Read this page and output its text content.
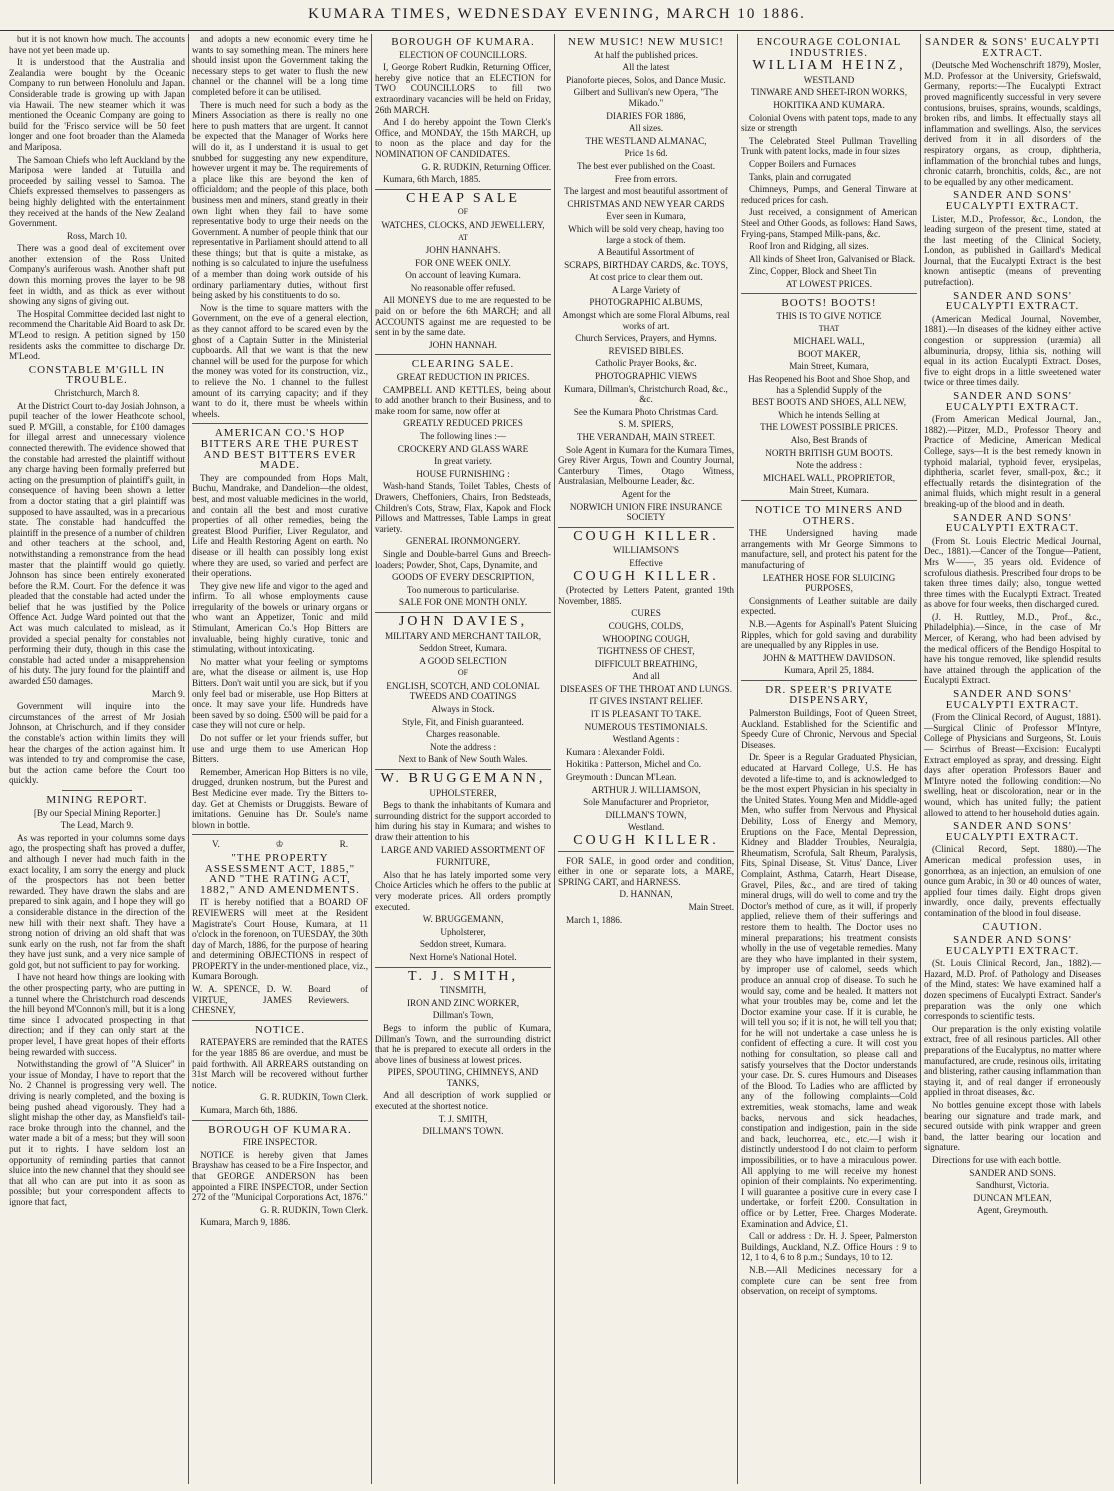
KUMARA TIMES, WEDNESDAY EVENING, MARCH 10 1886.

but it is not known how much. The accounts have not yet been made up.

It is understood that the Australia and Zealandia were bought by the Oceanic Company to run between Honolulu and Japan. Considerable trade is growing up with Japan via Hawaii. The new steamer which it was mentioned the Oceanic Company are going to build for the 'Frisco service will be 50 feet longer and one foot broader than the Alameda and Mariposa.

The Samoan Chiefs who left Auckland by the Mariposa were landed at Tutuilla and proceeded by sailing vessel to Samoa. The Chiefs expressed themselves to passengers as being highly delighted with the entertainment they received at the hands of the New Zealand Government.

Ross, March 10.

There was a good deal of excitement over another extension of the Ross United Company's auriferous wash. Another shaft put down this morning proves the layer to be 98 feet in width, and as thick as ever without showing any signs of giving out.

The Hospital Committee decided last night to recommend the Charitable Aid Board to ask Dr. M'Leod to resign. A petition signed by 150 residents asks the committee to discharge Dr. M'Leod.

CONSTABLE M'GILL IN TROUBLE.

Christchurch, March 8.

At the District Court to-day Josiah Johnson, a pupil teacher of the lower Heathcote school, sued P. M'Gill, a constable, for £100 damages for illegal arrest and unnecessary violence connected therewith. The evidence showed that the constable had arrested the plaintiff without any charge having been formally preferred but acting on the presumption of plaintiff's guilt, in consequence of having been shown a letter from a doctor stating that a girl plaintiff was supposed to have assaulted, was in a precarious state. The constable had handcuffed the plaintiff in the presence of a number of children and other teachers at the school, and, notwithstanding a remonstrance from the head master that the plaintiff would go quietly. Johnson has since been entirely exonerated before the R.M. Court. For the defence it was pleaded that the constable had acted under the belief that he was justified by the Police Offence Act. Judge Ward pointed out that the Act was much calculated to mislead, as it provided a special penalty for constables not performing their duty, though in this case the constable had acted under a misapprehension of his duty. The jury found for the plaintiff and awarded £50 damages.

March 9.

Government will inquire into the circumstances of the arrest of Mr Josiah Johnson, at Chrischurch, and if they consider the constable's action within limits they will hear the charges of the action against him. It was intended to try and compromise the case, but the action came before the Court too quickly.

MINING REPORT.

[By our Special Mining Reporter.]

The Lead, March 9.

As was reported in your columns some days ago, the prospecting shaft has proved a duffer, and although I never had much faith in the exact locality, I am sorry the energy and pluck of the prospectors has not been better rewarded. They have drawn the slabs and are prepared to sink again, and I hope they will go a considerable distance in the direction of the new hill with their next shaft. They have a strong notion of driving an old shaft that was sunk early on the rush, not far from the shaft they have just sunk, and a very nice sample of gold got, but not sufficient to pay for working.

I have not heard how things are looking with the other prospecting party, who are putting in a tunnel where the Christchurch road descends the hill beyond M'Connon's mill, but it is a long time since I advocated prospecting in that direction; and if they can only start at the proper level, I have great hopes of their efforts being rewarded with success.

Notwithstanding the growl of "A Sluicer" in your issue of Monday, I have to report that the No. 2 Channel is progressing very well. The driving is nearly completed, and the boxing is being pushed ahead vigorously. They had a slight mishap the other day, as Mansfield's tail-race broke through into the channel, and the water made a bit of a mess; but they will soon put it to rights. I have seldom lost an opportunity of reminding parties that cannot sluice into the new channel that they should see that all who can are put into it as soon as possible; but your correspondent affects to ignore that fact,

and adopts a new economic every time he wants to say something mean. The miners here should insist upon the Government taking the necessary steps to get water to flush the new channel or the channel will be a long time completed before it can be utilised.

There is much need for such a body as the Miners Association as there is really no one here to push matters that are urgent. It cannot be expected that the Manager of Works here will do it, as I understand it is usual to get snubbed for suggesting any new expenditure, however urgent it may be. The requirements of a place like this are beyond the ken of officialdom; and the people of this place, both business men and miners, stand greatly in their own light when they fail to have some representative body to urge their needs on the Government. A number of people think that our representative in Parliament should attend to all these things; but that is quite a mistake, as nothing is so calculated to injure the usefulness of a member than doing work outside of his ordinary parliamentary duties, without first being asked by his constituents to do so.

Now is the time to square matters with the Government, on the eve of a general election, as they cannot afford to be scared even by the ghost of a Captain Sutter in the Ministerial cupboards. All that we want is that the new channel will be used for the purpose for which the money was voted for its construction, viz., to relieve the No. 1 channel to the fullest amount of its carrying capacity; and if they want to do it, there must be wheels within wheels.

AMERICAN CO.'S HOP BITTERS ARE THE PUREST AND BEST BITTERS EVER MADE.

They are compounded from Hops Malt, Buchu, Mandrake, and Dandelion—the oldest, best, and most valuable medicines in the world, and contain all the best and most curative properties of all other remedies, being the greatest Blood Purifier, Liver Regulator, and Life and Health Restoring Agent on earth. No disease or ill health can possibly long exist where they are used, so varied and perfect are their operations.

They give new life and vigor to the aged and infirm. To all whose employments cause irregularity of the bowels or urinary organs or who want an Appetizer, Tonic and mild Stimulant, American Co.'s Hop Bitters are invaluable, being highly curative, tonic and stimulating, without intoxicating.

No matter what your feeling or symptoms are, what the disease or ailment is, use Hop Bitters. Don't wait until you are sick, but if you only feel bad or miserable, use Hop Bitters at once. It may save your life. Hundreds have been saved by so doing. £500 will be paid for a case they will not cure or help.

Do not suffer or let your friends suffer, but use and urge them to use American Hop Bitters.

Remember, American Hop Bitters is no vile, drugged, drunken nostrum, but the Purest and Best Medicine ever made. Try the Bitters to-day. Get at Chemists or Druggists. Beware of imitations. Genuine has Dr. Soule's name blown in bottle.

V.	♔	R.
"THE PROPERTY ASSESSMENT ACT, 1885," AND "THE RATING ACT, 1882," AND AMENDMENTS.

IT is hereby notified that a BOARD OF REVIEWERS will meet at the Resident Magistrate's Court House, Kumara, at 11 o'clock in the forenoon, on TUESDAY, the 30th day of March, 1886, for the purpose of hearing and determining OBJECTIONS in respect of PROPERTY in the under-mentioned place, viz., Kumara Borough.

W. A. SPENCE, D. W. VIRTUE, JAMES CHESNEY,
Board of Reviewers.
NOTICE.

RATEPAYERS are reminded that the RATES for the year 1885 86 are overdue, and must be paid forthwith. All ARREARS outstanding on 31st March will be recovered without further notice.

G. R. RUDKIN, Town Clerk.

Kumara, March 6th, 1886.

BOROUGH OF KUMARA.

FIRE INSPECTOR.

NOTICE is hereby given that James Brayshaw has ceased to be a Fire Inspector, and that GEORGE ANDERSON has been appointed a FIRE INSPECTOR, under Section 272 of the "Municipal Corporations Act, 1876."

G. R. RUDKIN, Town Clerk.

Kumara, March 9, 1886.

BOROUGH OF KUMARA.

ELECTION OF COUNCILLORS.

I, George Robert Rudkin, Returning Officer, hereby give notice that an ELECTION for TWO COUNCILLORS to fill two extraordinary vacancies will be held on Friday, 26th MARCH.

And I do hereby appoint the Town Clerk's Office, and MONDAY, the 15th MARCH, up to noon as the place and day for the NOMINATION OF CANDIDATES.

G. R. RUDKIN, Returning Officer.

Kumara, 6th March, 1885.

CHEAP SALE

OF

WATCHES, CLOCKS, AND JEWELLERY,

AT

JOHN HANNAH'S.

FOR ONE WEEK ONLY.

On account of leaving Kumara.

No reasonable offer refused.

All MONEYS due to me are requested to be paid on or before the 6th MARCH; and all ACCOUNTS against me are requested to be sent in by the same date.

JOHN HANNAH.

CLEARING SALE.

GREAT REDUCTION IN PRICES.

CAMPBELL AND KETTLES, being about to add another branch to their Business, and to make room for same, now offer at

GREATLY REDUCED PRICES

The following lines :—

CROCKERY AND GLASS WARE

In great variety.

HOUSE FURNISHING :

Wash-hand Stands, Toilet Tables, Chests of Drawers, Cheffoniers, Chairs, Iron Bedsteads, Children's Cots, Straw, Flax, Kapok and Flock Pillows and Mattresses, Table Lamps in great variety.

GENERAL IRONMONGERY.

Single and Double-barrel Guns and Breech-loaders; Powder, Shot, Caps, Dynamite, and

GOODS OF EVERY DESCRIPTION,

Too numerous to particularise.

SALE FOR ONE MONTH ONLY.

JOHN DAVIES,

MILITARY AND MERCHANT TAILOR,

Seddon Street, Kumara.

A GOOD SELECTION

OF

ENGLISH, SCOTCH, AND COLONIAL TWEEDS AND COATINGS

Always in Stock.

Style, Fit, and Finish guaranteed.

Charges reasonable.

Note the address :

Next to Bank of New South Wales.

W. BRUGGEMANN,

UPHOLSTERER,

Begs to thank the inhabitants of Kumara and surrounding district for the support accorded to him during his stay in Kumara; and wishes to draw their attention to his

LARGE AND VARIED ASSORTMENT OF

FURNITURE,

Also that he has lately imported some very Choice Articles which he offers to the public at very moderate prices. All orders promptly executed.

W. BRUGGEMANN,

Upholsterer,

Seddon street, Kumara.

Next Horne's National Hotel.

T. J. SMITH,

TINSMITH,

IRON AND ZINC WORKER,

Dillman's Town,

Begs to inform the public of Kumara, Dillman's Town, and the surrounding district that he is prepared to execute all orders in the above lines of business at lowest prices.

PIPES, SPOUTING, CHIMNEYS, AND TANKS,

And all description of work supplied or executed at the shortest notice.

T. J. SMITH,

DILLMAN'S TOWN.

NEW MUSIC! NEW MUSIC!

At half the published prices.

All the latest

Pianoforte pieces, Solos, and Dance Music.

Gilbert and Sullivan's new Opera, "The Mikado."

DIARIES FOR 1886,

All sizes.

THE WESTLAND ALMANAC,

Price 1s 6d.

The best ever published on the Coast.

Free from errors.

The largest and most beautiful assortment of

CHRISTMAS AND NEW YEAR CARDS

Ever seen in Kumara,

Which will be sold very cheap, having too large a stock of them.

A Beautiful Assortment of

SCRAPS, BIRTHDAY CARDS, &c. TOYS,

At cost price to clear them out.

A Large Variety of

PHOTOGRAPHIC ALBUMS,

Amongst which are some Floral Albums, real works of art.

Church Services, Prayers, and Hymns.

REVISED BIBLES.

Catholic Prayer Books, &c.

PHOTOGRAPHIC VIEWS

Kumara, Dillman's, Christchurch Road, &c., &c.

See the Kumara Photo Christmas Card.

S. M. SPIERS,

THE VERANDAH, MAIN STREET.

Sole Agent in Kumara for the Kumara Times, Grey River Argus, Town and Country Journal, Canterbury Times, Otago Witness, Australasian, Melbourne Leader, &c.

Agent for the

NORWICH UNION FIRE INSURANCE SOCIETY

COUGH KILLER.

WILLIAMSON'S

Effective

COUGH KILLER.

(Protected by Letters Patent, granted 19th November, 1885.

CURES

COUGHS, COLDS,

WHOOPING COUGH,

TIGHTNESS OF CHEST,

DIFFICULT BREATHING,

And all

DISEASES OF THE THROAT AND LUNGS.

IT GIVES INSTANT RELIEF.

IT IS PLEASANT TO TAKE.

NUMEROUS TESTIMONIALS.

Westland Agents :

Kumara : Alexander Foldi.

Hokitika : Patterson, Michel and Co.

Greymouth : Duncan M'Lean.

ARTHUR J. WILLIAMSON,

Sole Manufacturer and Proprietor,

DILLMAN'S TOWN,

Westland.

COUGH KILLER.

FOR SALE, in good order and condition, either in one or separate lots, a MARE, SPRING CART, and HARNESS.

D. HANNAN,

Main Street.

March 1, 1886.

ENCOURAGE COLONIAL INDUSTRIES.
WILLIAM HEINZ,

WESTLAND

TINWARE AND SHEET-IRON WORKS,

HOKITIKA AND KUMARA.

Colonial Ovens with patent tops, made to any size or strength

The Celebrated Steel Pullman Travelling Trunk with patent locks, made in four sizes

Copper Boilers and Furnaces

Tanks, plain and corrugated

Chimneys, Pumps, and General Tinware at reduced prices for cash.

Just received, a consignment of American Steel and Other Goods, as follows: Hand Saws, Frying-pans, Stamped Milk-pans, &c.

Roof Iron and Ridging, all sizes.

All kinds of Sheet Iron, Galvanised or Black.

Zinc, Copper, Block and Sheet Tin

AT LOWEST PRICES.

BOOTS! BOOTS!

THIS IS TO GIVE NOTICE

THAT

MICHAEL WALL,

BOOT MAKER,

Main Street, Kumara,

Has Reopened his Boot and Shoe Shop, and has a Splendid Supply of the

BEST BOOTS AND SHOES, ALL NEW,

Which he intends Selling at

THE LOWEST POSSIBLE PRICES.

Also, Best Brands of

NORTH BRITISH GUM BOOTS.

Note the address :

MICHAEL WALL, PROPRIETOR,

Main Street, Kumara.

NOTICE TO MINERS AND OTHERS.

THE Undersigned having made arrangements with Mr George Simmons to manufacture, sell, and protect his patent for the manufacturing of

LEATHER HOSE FOR SLUICING PURPOSES,

Consignments of Leather suitable are daily expected.

N.B.—Agents for Aspinall's Patent Sluicing Ripples, which for gold saving and durability are unequalled by any Ripples in use.

JOHN & MATTHEW DAVIDSON.

Kumara, April 25, 1884.

DR. SPEER'S PRIVATE DISPENSARY,

Palmerston Buildings, Foot of Queen Street, Auckland. Established for the Scientific and Speedy Cure of Chronic, Nervous and Special Diseases.

Dr. Speer is a Regular Graduated Physician, educated at Harvard College, U.S. He has devoted a life-time to, and is acknowledged to be the most expert Physician in his specialty in the United States. Young Men and Middle-aged Men, who suffer from Nervous and Physical Debility, Loss of Energy and Memory, Eruptions on the Face, Mental Depression, Kidney and Bladder Troubles, Neuralgia, Rheumatism, Scrofula, Salt Rheum, Paralysis, Fits, Spinal Disease, St. Vitus' Dance, Liver Complaint, Asthma, Catarrh, Heart Disease, Gravel, Piles, &c., and are tired of taking mineral drugs, will do well to come and try the Doctor's method of cure, as it will, if properly applied, relieve them of their sufferings and restore them to health. The Doctor uses no mineral preparations; his treatment consists wholly in the use of vegetable remedies. Many are they who have implanted in their system, by improper use of calomel, seeds which produce an annual crop of disease. To such he would say, come and be healed. It matters not what your troubles may be, come and let the Doctor examine your case. If it is curable, he will tell you so; if it is not, he will tell you that; for he will not undertake a case unless he is confident of effecting a cure. It will cost you nothing for consultation, so please call and satisfy yourselves that the Doctor understands your case. Dr. S. cures Humours and Diseases of the Blood. To Ladies who are afflicted by any of the following complaints—Cold extremities, weak stomachs, lame and weak backs, nervous and sick headaches, constipation and indigestion, pain in the side and back, leuchorrea, etc., etc.—I wish it distinctly understood I do not claim to perform impossibilities, or to have a miraculous power. All applying to me will receive my honest opinion of their complaints. No experimenting. I will guarantee a positive cure in every case I undertake, or forfeit £200. Consultation in office or by Letter, Free. Charges Moderate. Examination and Advice, £1.

Call or address : Dr. H. J. Speer, Palmerston Buildings, Auckland, N.Z. Office Hours : 9 to 12, 1 to 4, 6 to 8 p.m.; Sundays, 10 to 12.

N.B.—All Medicines necessary for a complete cure can be sent free from observation, on receipt of symptoms.

SANDER & SONS' EUCALYPTI EXTRACT.

(Deutsche Med Wochenschrift 1879), Mosler, M.D. Professor at the University, Griefswald, Germany, reports:—The Eucalypti Extract proved magnificently successful in very severe contusions, bruises, sprains, wounds, scaldings, broken ribs, and limbs. It effectually stays all inflammation and swellings. Also, the services derived from it in all disorders of the respiratory organs, as croup, diphtheria, inflammation of the bronchial tubes and lungs, chronic catarrh, bronchitis, colds, &c., are not to be equalled by any other medicament.

SANDER AND SONS' EUCALYPTI EXTRACT.

Lister, M.D., Professor, &c., London, the leading surgeon of the present time, stated at the last meeting of the Clinical Society, London, as published in Gaillard's Medical Journal, that the Eucalypti Extract is the best known antiseptic (means of preventing putrefaction).

SANDER AND SONS' EUCALYPTI EXTRACT.

(American Medical Journal, November, 1881).—In diseases of the kidney either active congestion or suppression (uræmia) all albuminuria, dropsy, lithia sis, nothing will equal in its action Eucalypti Extract. Doses, five to eight drops in a little sweetened water twice or three times daily.

SANDER AND SONS' EUCALYPTI EXTRACT.

(From American Medical Journal, Jan., 1882).—Pitzer, M.D., Professor Theory and Practice of Medicine, American Medical College, says—It is the best remedy known in typhoid malarial, typhoid fever, erysipelas, diphtheria, scarlet fever, small-pox, &c.; it effectually retards the disintegration of the animal fluids, which might result in a general breaking-up of the blood and in death.

SANDER AND SONS' EUCALYPTI EXTRACT.

(From St. Louis Electric Medical Journal, Dec., 1881).—Cancer of the Tongue—Patient, Mrs W——, 35 years old. Evidence of scrofulous diathesis. Prescribed four drops to be taken three times daily; also, tongue wetted three times with the Eucalypti Extract. Treated as above for four weeks, then discharged cured.

(J. H. Ruttley, M.D., Prof., &c., Philadelphia).—Since, in the case of Mr Mercer, of Kerang, who had been advised by the medical officers of the Bendigo Hospital to have his tongue removed, like splendid results have attained through the application of the Eucalypti Extract.

SANDER AND SONS' EUCALYPTI EXTRACT.

(From the Clinical Record, of August, 1881).—Surgical Clinic of Professor M'Intyre, College of Physicians and Surgeons, St. Louis — Scirrhus of Breast—Excision: Eucalypti Extract employed as spray, and dressing. Eight days after operation Professors Bauer and M'Intyre noted the following condition:—No swelling, heat or discoloration, near or in the wound, which has united fully; the patient allowed to attend to her household duties again.

SANDER AND SONS' EUCALYPTI EXTRACT.

(Clinical Record, Sept. 1880).—The American medical profession uses, in gonorrhœa, as an injection, an emulsion of one ounce gum Arabic, in 30 or 40 ounces of water, applied four times daily. Eight drops given inwardly, once daily, prevents effectually contamination of the blood in foul disease.

CAUTION.
SANDER AND SONS' EUCALYPTI EXTRACT.

(St. Louis Clinical Record, Jan., 1882).—Hazard, M.D. Prof. of Pathology and Diseases of the Mind, states: We have examined half a dozen specimens of Eucalypti Extract. Sander's preparation was the only one which corresponds to scientific tests.

Our preparation is the only existing volatile extract, free of all resinous particles. All other preparations of the Eucalyptus, no matter where manufactured, are crude, resinous oils, irritating and blistering, rather causing inflammation than staying it, and of real danger if erroneously applied in throat diseases, &c.

No bottles genuine except those with labels bearing our signature and trade mark, and secured outside with pink wrapper and green band, the latter bearing our location and signature.

Directions for use with each bottle.

SANDER AND SONS.

Sandhurst, Victoria.

DUNCAN M'LEAN,

Agent, Greymouth.
